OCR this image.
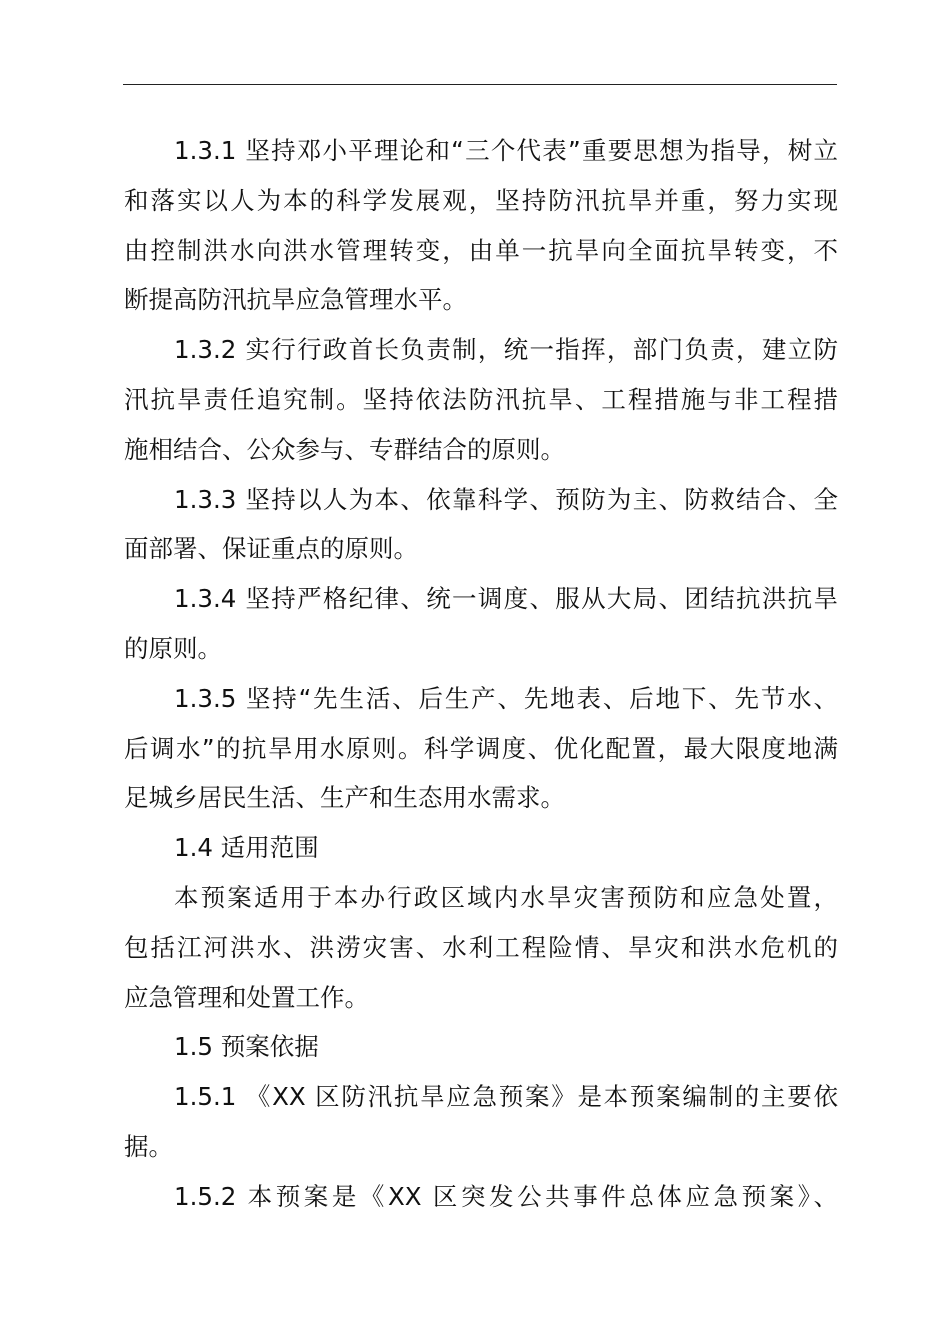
1.3.1 坚持邓小平理论和“三个代表”重要思想为指导，树立
和落实以人为本的科学发展观，坚持防汛抗旱并重，努力实现
由控制洪水向洪水管理转变，由单一抗旱向全面抗旱转变，不
断提高防汛抗旱应急管理水平。
1.3.2 实行行政首长负责制，统一指挥，部门负责，建立防
汛抗旱责任追究制。坚持依法防汛抗旱、工程措施与非工程措
施相结合、公众参与、专群结合的原则。
1.3.3 坚持以人为本、依靠科学、预防为主、防救结合、全
面部署、保证重点的原则。
1.3.4 坚持严格纪律、统一调度、服从大局、团结抗洪抗旱
的原则。
1.3.5 坚持“先生活、后生产、先地表、后地下、先节水、
后调水”的抗旱用水原则。科学调度、优化配置，最大限度地满
足城乡居民生活、生产和生态用水需求。
1.4 适用范围
本预案适用于本办行政区域内水旱灾害预防和应急处置，
包括江河洪水、洪涝灾害、水利工程险情、旱灾和洪水危机的
应急管理和处置工作。
1.5 预案依据
1.5.1 《XX 区防汛抗旱应急预案》是本预案编制的主要依
据。
1.5.2 本预案是《XX 区突发公共事件总体应急预案》、
